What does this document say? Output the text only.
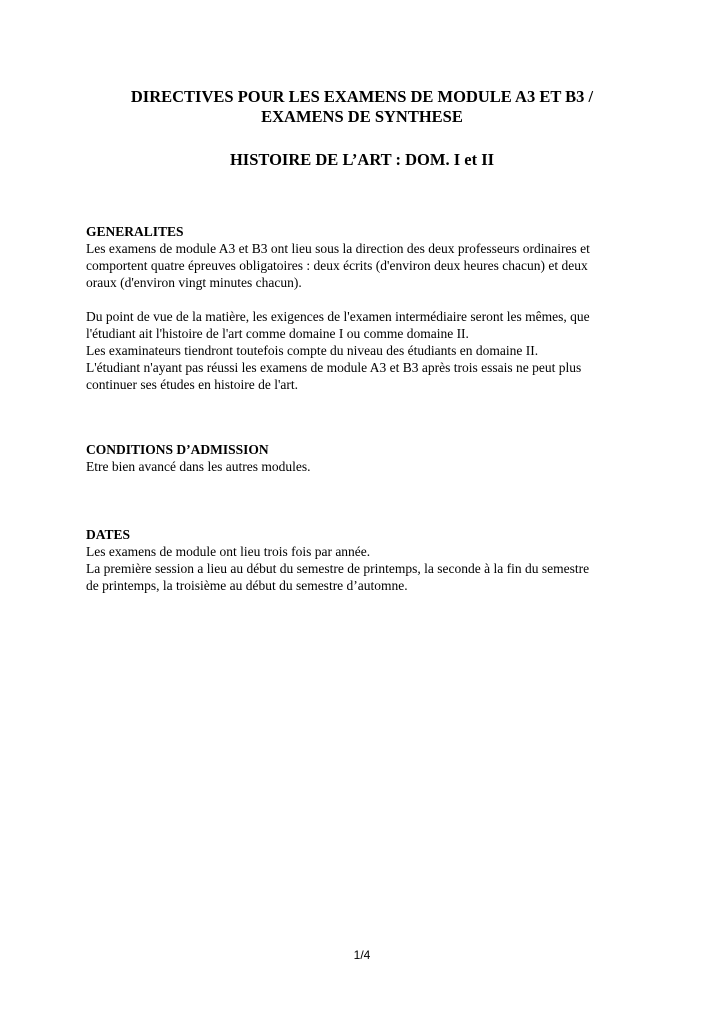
DIRECTIVES POUR LES EXAMENS DE MODULE A3 ET B3 /
EXAMENS DE SYNTHESE
HISTOIRE DE L’ART : DOM. I et II
GENERALITES
Les examens de module A3 et B3 ont lieu sous la direction des deux professeurs ordinaires et
comportent quatre épreuves obligatoires : deux écrits (d'environ deux heures chacun) et deux
oraux (d'environ vingt minutes chacun).
Du point de vue de la matière, les exigences de l'examen intermédiaire seront les mêmes, que
l'étudiant ait l'histoire de l'art comme domaine I ou comme domaine II.
Les examinateurs tiendront toutefois compte du niveau des étudiants en domaine II.
L'étudiant n'ayant pas réussi les examens de module A3 et B3 après trois essais ne peut plus
continuer ses études en histoire de l'art.
CONDITIONS D’ADMISSION
Etre bien avancé dans les autres modules.
DATES
Les examens de module ont lieu trois fois par année.
La première session a lieu au début du semestre de printemps, la seconde à la fin du semestre
de printemps, la troisième au début du semestre d’automne.
1/4
